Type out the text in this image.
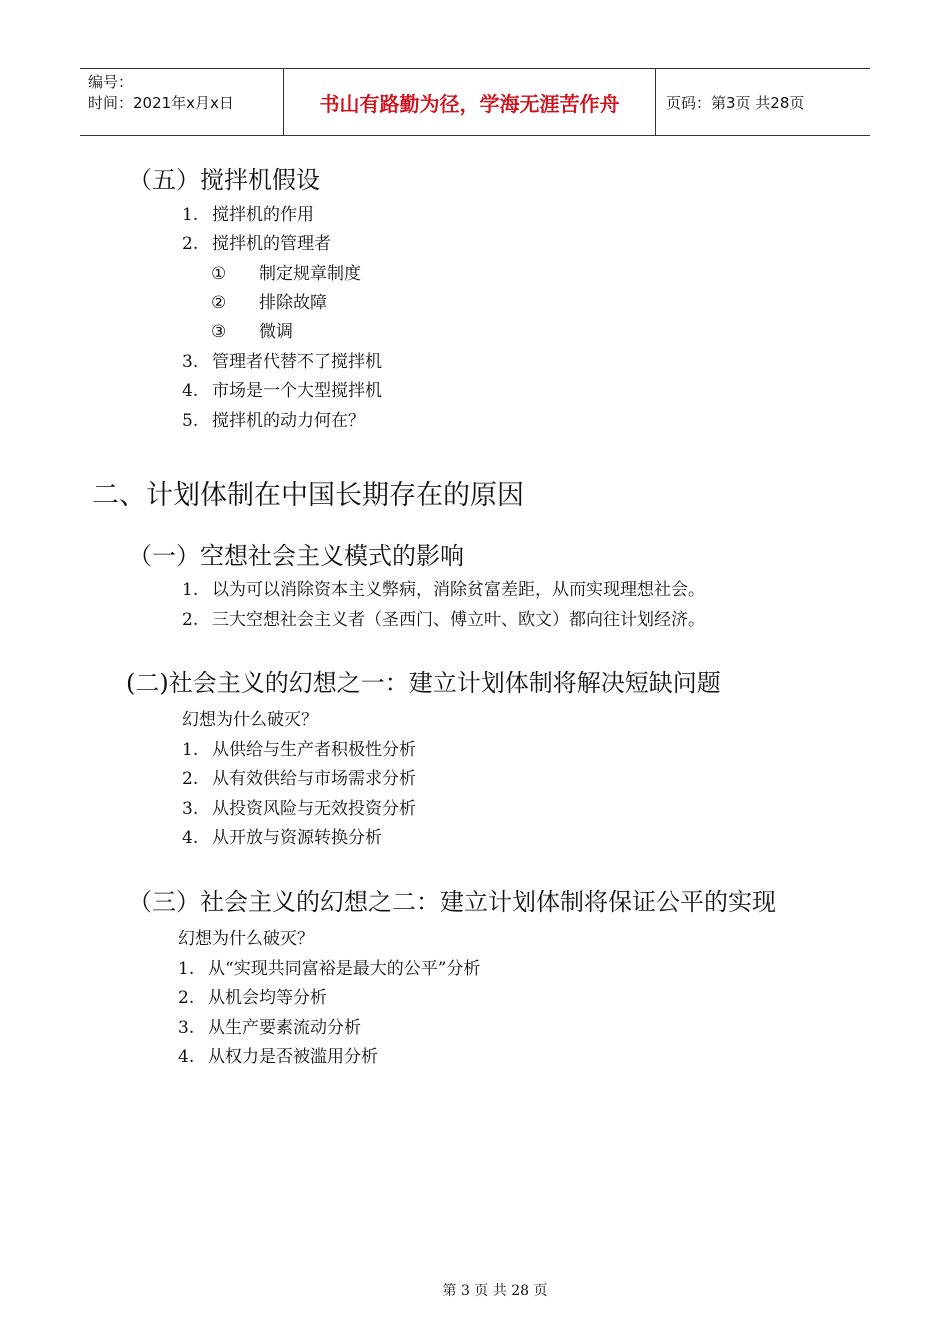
编号：
时间：2021年x月x日	书山有路勤为径，学海无涯苦作舟	页码：第3页 共28页
（五）搅拌机假设
1. 搅拌机的作用
2. 搅拌机的管理者
① 制定规章制度
② 排除故障
③ 微调
3. 管理者代替不了搅拌机
4. 市场是一个大型搅拌机
5. 搅拌机的动力何在？
二、计划体制在中国长期存在的原因
（一）空想社会主义模式的影响
1. 以为可以消除资本主义弊病，消除贫富差距，从而实现理想社会。
2. 三大空想社会主义者（圣西门、傅立叶、欧文）都向往计划经济。
(二)社会主义的幻想之一：建立计划体制将解决短缺问题
幻想为什么破灭？
1. 从供给与生产者积极性分析
2. 从有效供给与市场需求分析
3. 从投资风险与无效投资分析
4. 从开放与资源转换分析
（三）社会主义的幻想之二：建立计划体制将保证公平的实现
幻想为什么破灭？
1. 从“实现共同富裕是最大的公平”分析
2. 从机会均等分析
3. 从生产要素流动分析
4. 从权力是否被滥用分析
第 3 页 共 28 页
